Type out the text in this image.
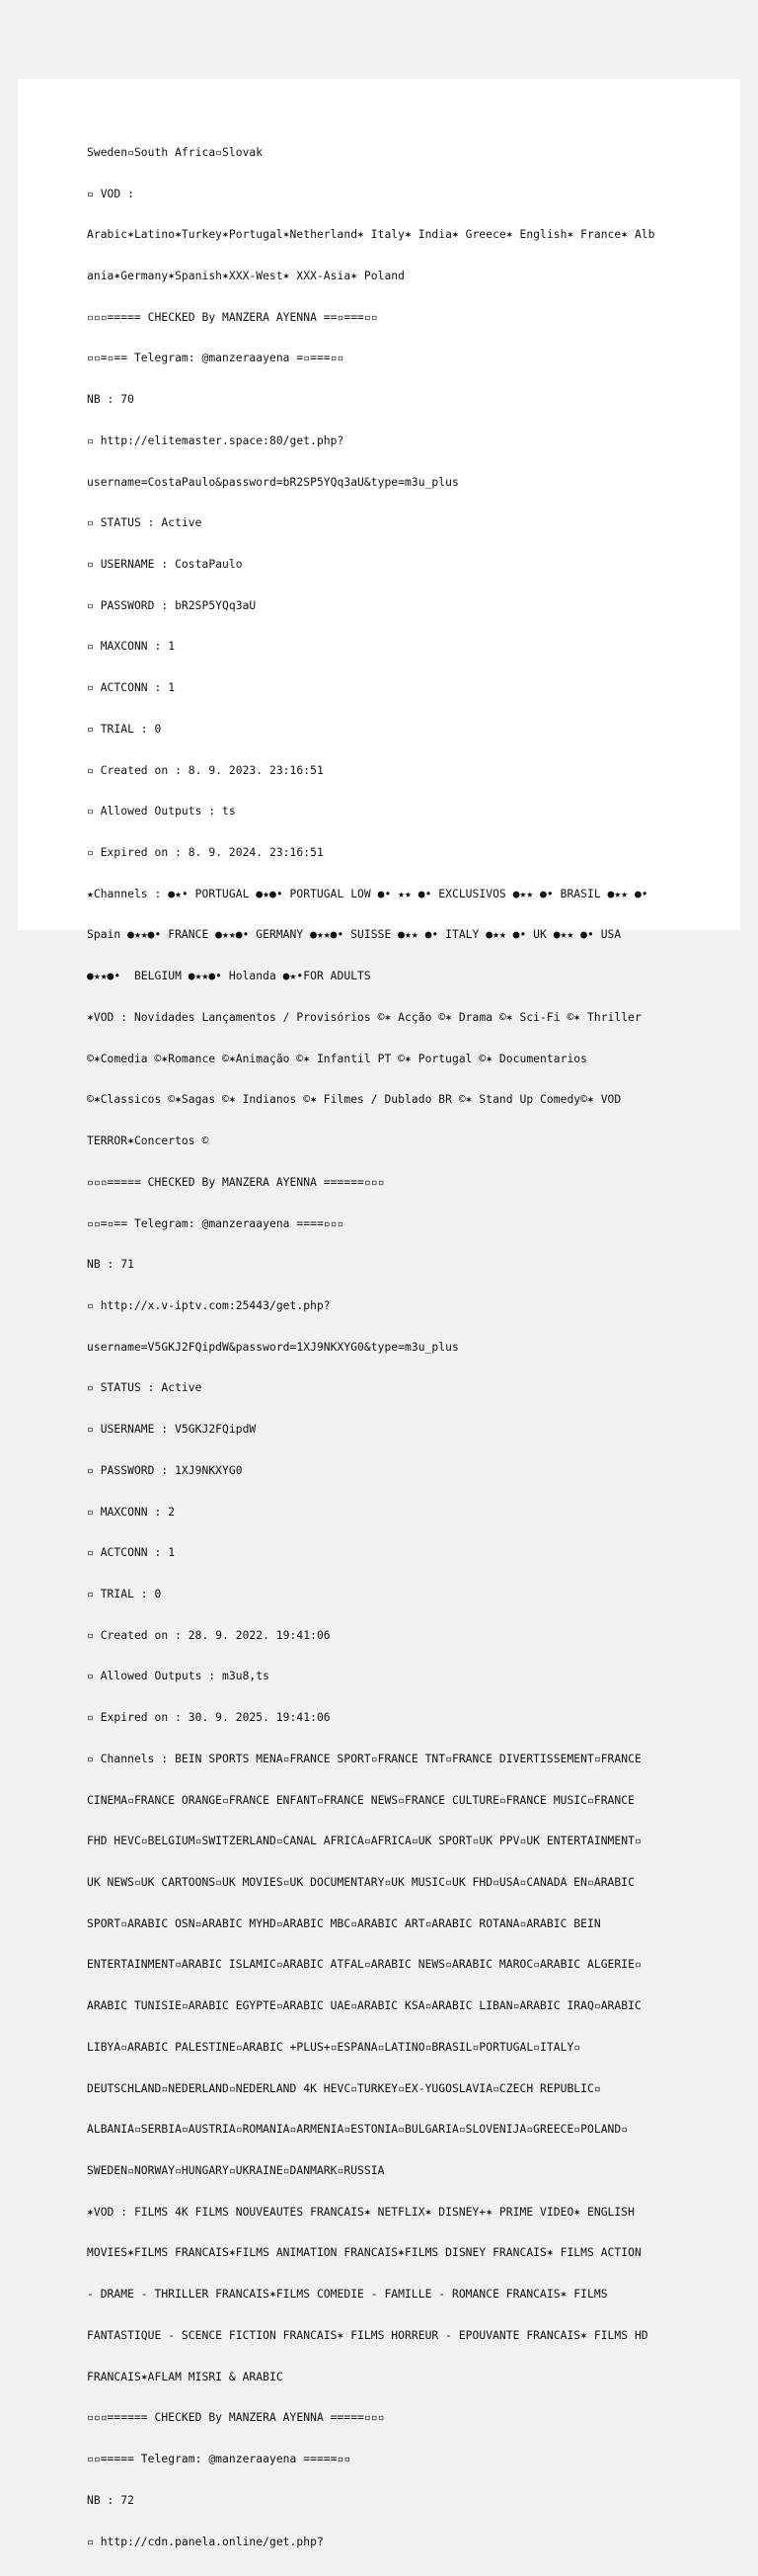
Sweden▫South Africa▫Slovak

▫ VOD :

Arabic✶Latino✶Turkey✶Portugal✶Netherland✶ Italy✶ India✶ Greece✶ English✶ France✶ Alb

ania✶Germany✶Spanish✶XXX-West✶ XXX-Asia✶ Poland

▫▫▫===== CHECKED By MANZERA AYENNA ==▫===▫▫

▫▫=▫== Telegram: @manzeraayena =▫===▫▫

NB : 70

▫ http://elitemaster.space:80/get.php?

username=CostaPaulo&password=bR2SP5YQq3aU&type=m3u_plus

▫ STATUS : Active

▫ USERNAME : CostaPaulo

▫ PASSWORD : bR2SP5YQq3aU

▫ MAXCONN : 1

▫ ACTCONN : 1

▫ TRIAL : 0

▫ Created on : 8. 9. 2023. 23:16:51

▫ Allowed Outputs : ts

▫ Expired on : 8. 9. 2024. 23:16:51

★Channels : ●★• PORTUGAL ●★●• PORTUGAL LOW ●• ★★ ●• EXCLUSIVOS ●★★ ●• BRASIL ●★★ ●•

Spain ●★★●• FRANCE ●★★●• GERMANY ●★★●• SUISSE ●★★ ●• ITALY ●★★ ●• UK ●★★ ●• USA

●★★●•  BELGIUM ●★★●• Holanda ●★•FOR ADULTS

✶VOD : Novidades Lançamentos / Provisórios ©✶ Acção ©✶ Drama ©✶ Sci-Fi ©✶ Thriller

©✶Comedia ©✶Romance ©✶Animação ©✶ Infantil PT ©✶ Portugal ©✶ Documentarios

©✶Classicos ©✶Sagas ©✶ Indianos ©✶ Filmes / Dublado BR ©✶ Stand Up Comedy©✶ VOD

TERROR✶Concertos ©

▫▫▫===== CHECKED By MANZERA AYENNA ======▫▫▫

▫▫=▫== Telegram: @manzeraayena ====▫▫▫

NB : 71

▫ http://x.v-iptv.com:25443/get.php?

username=V5GKJ2FQipdW&password=1XJ9NKXYG0&type=m3u_plus

▫ STATUS : Active

▫ USERNAME : V5GKJ2FQipdW

▫ PASSWORD : 1XJ9NKXYG0

▫ MAXCONN : 2

▫ ACTCONN : 1

▫ TRIAL : 0

▫ Created on : 28. 9. 2022. 19:41:06

▫ Allowed Outputs : m3u8,ts

▫ Expired on : 30. 9. 2025. 19:41:06

▫ Channels : BEIN SPORTS MENA▫FRANCE SPORT▫FRANCE TNT▫FRANCE DIVERTISSEMENT▫FRANCE

CINEMA▫FRANCE ORANGE▫FRANCE ENFANT▫FRANCE NEWS▫FRANCE CULTURE▫FRANCE MUSIC▫FRANCE

FHD HEVC▫BELGIUM▫SWITZERLAND▫CANAL AFRICA▫AFRICA▫UK SPORT▫UK PPV▫UK ENTERTAINMENT▫

UK NEWS▫UK CARTOONS▫UK MOVIES▫UK DOCUMENTARY▫UK MUSIC▫UK FHD▫USA▫CANADA EN▫ARABIC

SPORT▫ARABIC OSN▫ARABIC MYHD▫ARABIC MBC▫ARABIC ART▫ARABIC ROTANA▫ARABIC BEIN

ENTERTAINMENT▫ARABIC ISLAMIC▫ARABIC ATFAL▫ARABIC NEWS▫ARABIC MAROC▫ARABIC ALGERIE▫

ARABIC TUNISIE▫ARABIC EGYPTE▫ARABIC UAE▫ARABIC KSA▫ARABIC LIBAN▫ARABIC IRAQ▫ARABIC

LIBYA▫ARABIC PALESTINE▫ARABIC +PLUS+▫ESPANA▫LATINO▫BRASIL▫PORTUGAL▫ITALY▫

DEUTSCHLAND▫NEDERLAND▫NEDERLAND 4K HEVC▫TURKEY▫EX-YUGOSLAVIA▫CZECH REPUBLIC▫

ALBANIA▫SERBIA▫AUSTRIA▫ROMANIA▫ARMENIA▫ESTONIA▫BULGARIA▫SLOVENIJA▫GREECE▫POLAND▫

SWEDEN▫NORWAY▫HUNGARY▫UKRAINE▫DANMARK▫RUSSIA

✶VOD : FILMS 4K FILMS NOUVEAUTES FRANCAIS✶ NETFLIX✶ DISNEY+✶ PRIME VIDEO✶ ENGLISH

MOVIES✶FILMS FRANCAIS✶FILMS ANIMATION FRANCAIS✶FILMS DISNEY FRANCAIS✶ FILMS ACTION

- DRAME - THRILLER FRANCAIS✶FILMS COMEDIE - FAMILLE - ROMANCE FRANCAIS✶ FILMS

FANTASTIQUE - SCENCE FICTION FRANCAIS✶ FILMS HORREUR - EPOUVANTE FRANCAIS✶ FILMS HD

FRANCAIS✶AFLAM MISRI & ARABIC

▫▫▫====== CHECKED By MANZERA AYENNA =====▫▫▫

▫▫===== Telegram: @manzeraayena =====▫▫

NB : 72

▫ http://cdn.panela.online/get.php?
